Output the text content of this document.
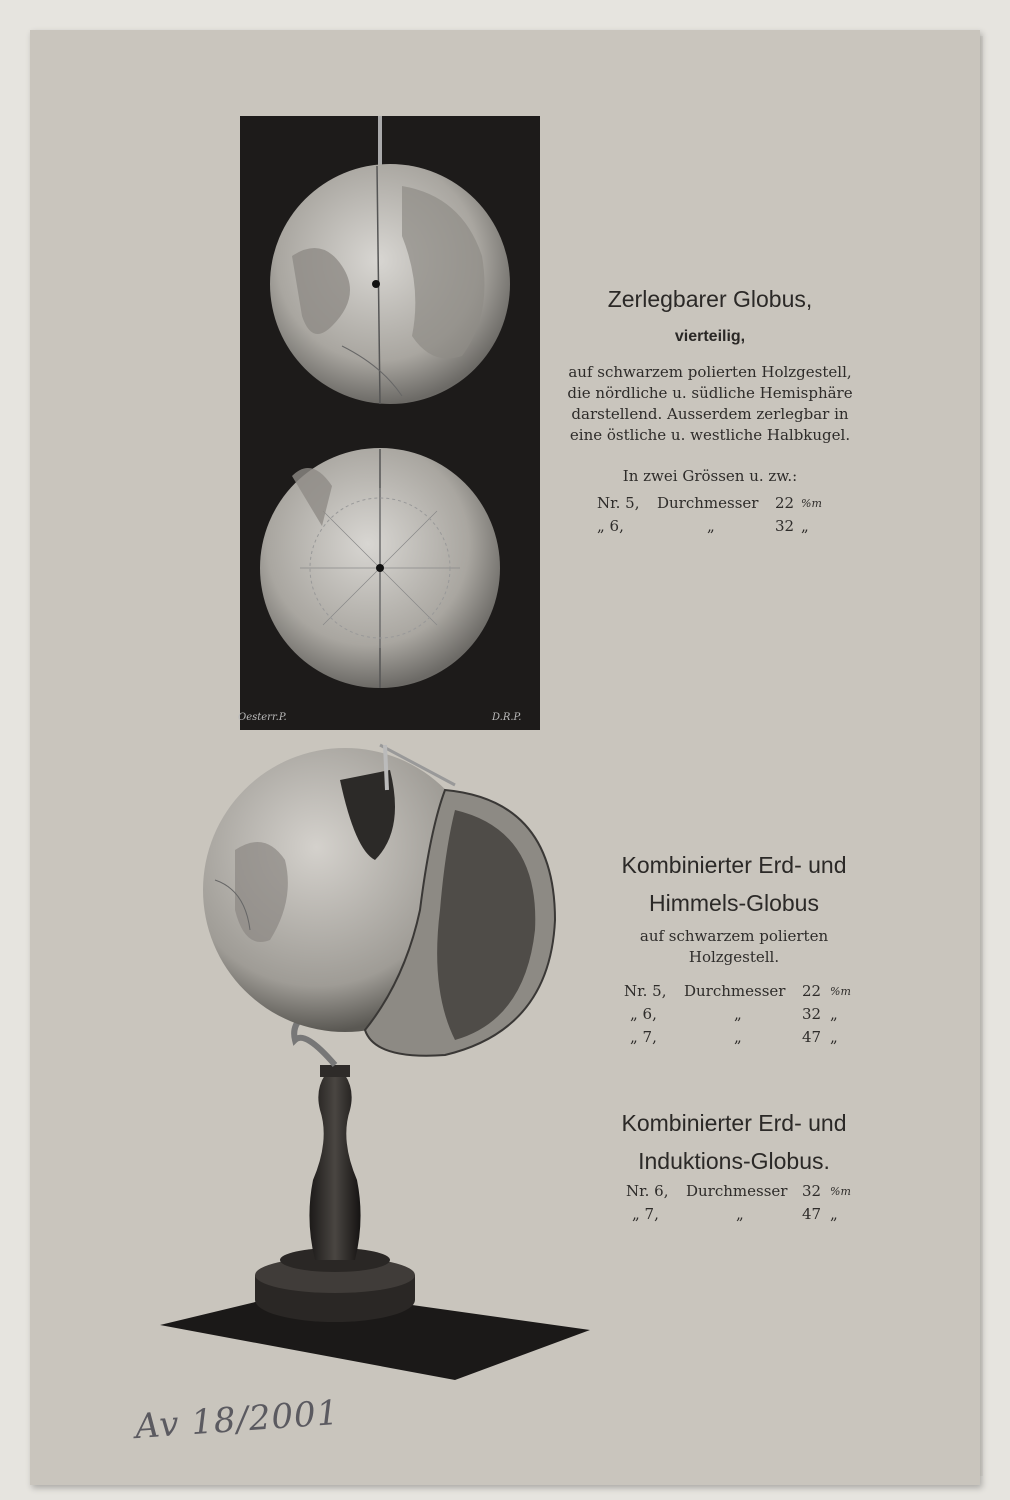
Oesterr.P.	D.R.P.
Zerlegbarer Globus,
vierteilig,
auf schwarzem polierten Holzgestell,
die nördliche u. südliche Hemisphäre
darstellend. Ausserdem zerlegbar in
eine östliche u. westliche Halbkugel.
In zwei Grössen u. zw.:
Nr. 5, Durchmesser 22 %m
„ 6,	„	32 „
Kombinierter Erd- und
Himmels-Globus
auf schwarzem polierten
Holzgestell.
Nr. 5, Durchmesser 22 %m
„ 6,	„	32 „
„ 7,	„	47 „
Kombinierter Erd- und
Induktions-Globus.
Nr. 6, Durchmesser 32 %m
„ 7,	„	47 „
Av 18/2001
